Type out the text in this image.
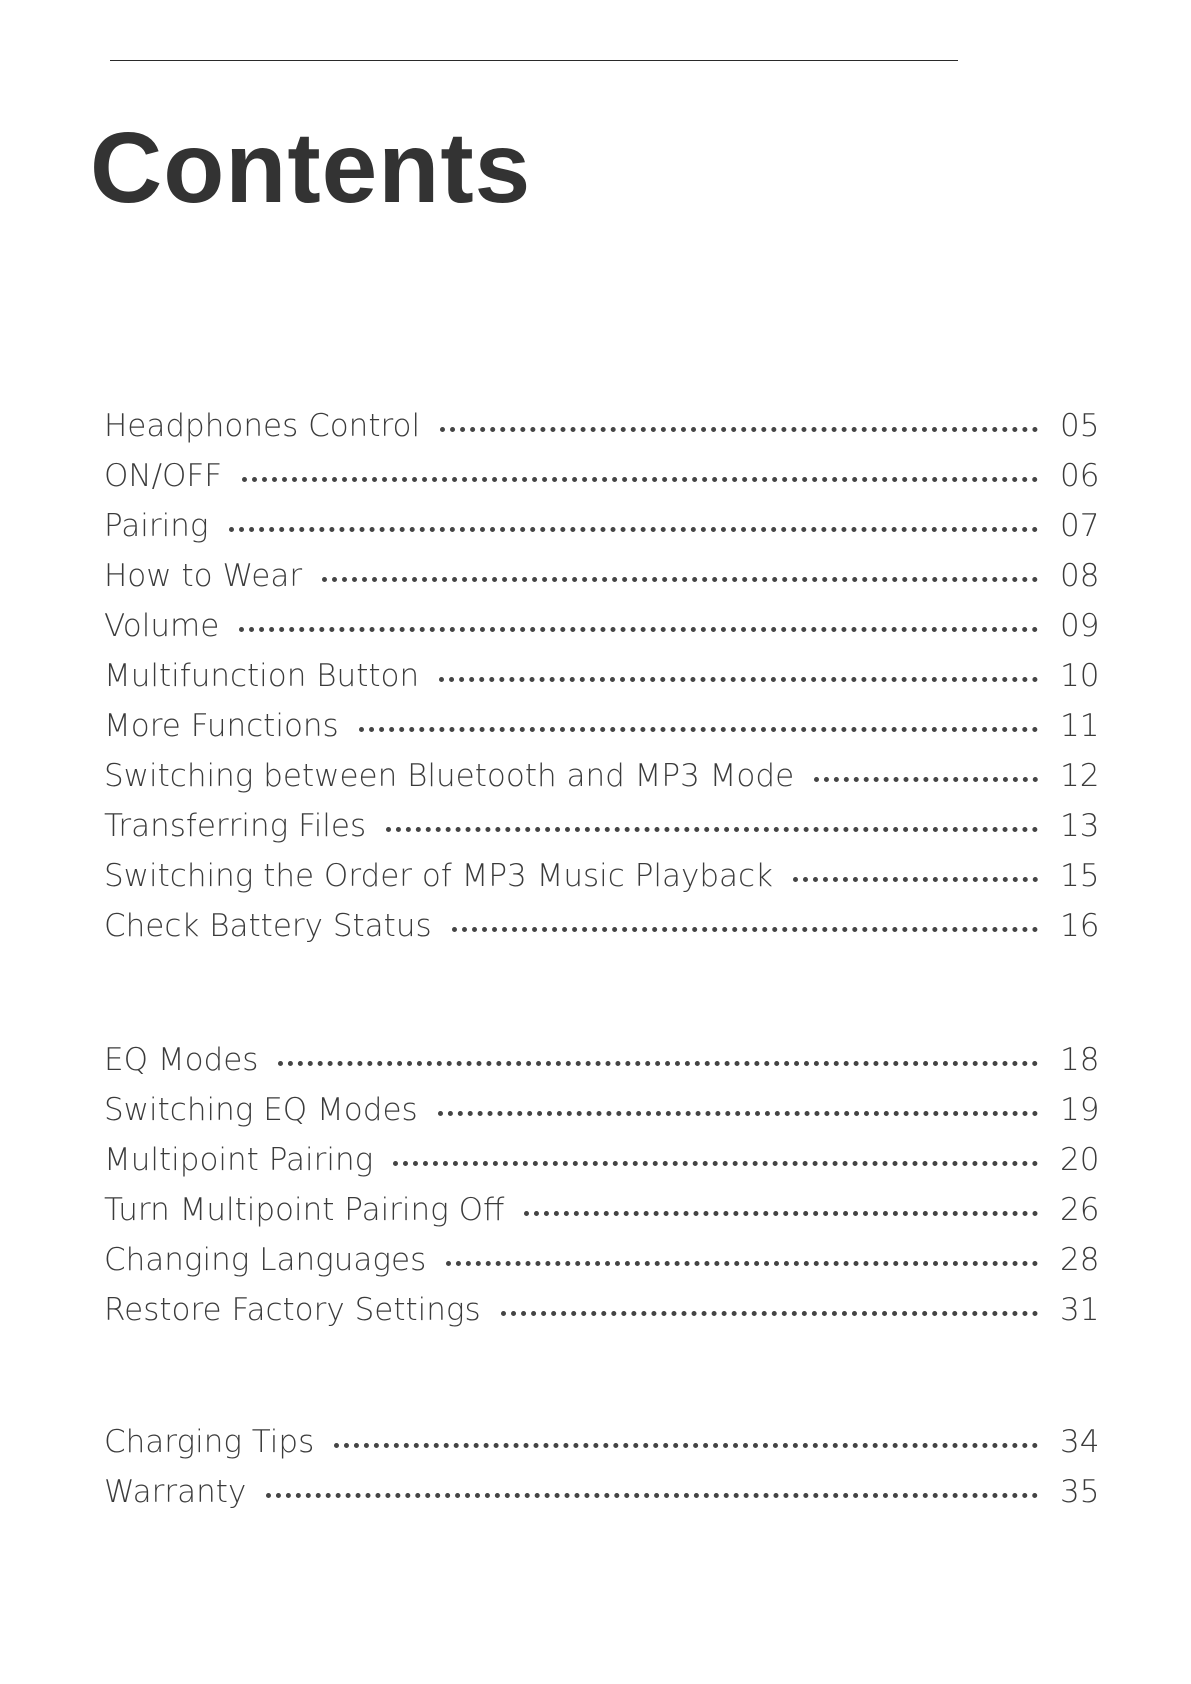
Contents
Headphones Control	05
ON/OFF	06
Pairing	07
How to Wear	08
Volume	09
Multifunction Button	10
More Functions	11
Switching between Bluetooth and MP3 Mode	12
Transferring Files	13
Switching the Order of MP3 Music Playback	15
Check Battery Status	16
EQ Modes	18
Switching EQ Modes	19
Multipoint Pairing	20
Turn Multipoint Pairing Off	26
Changing Languages	28
Restore Factory Settings	31
Charging Tips	34
Warranty	35
